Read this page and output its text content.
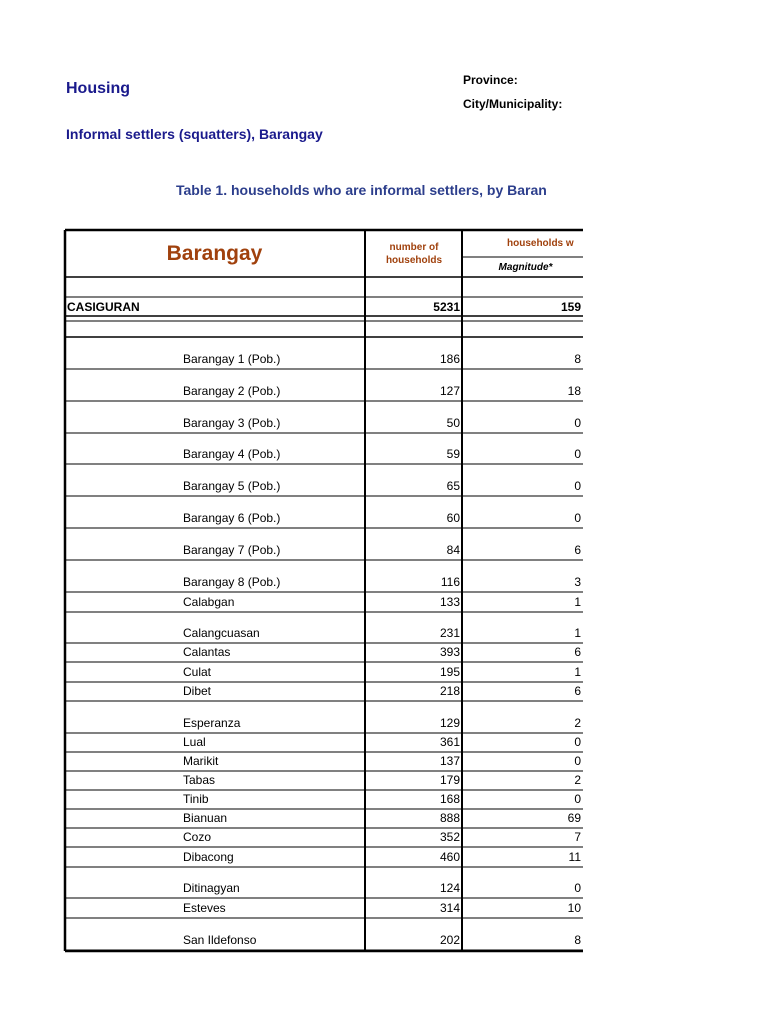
Housing
Informal settlers (squatters), Barangay
Province:
City/Municipality:
Table 1. households who are informal settlers, by Baran
Barangay	number of
households
households w
Magnitude*
CASIGURAN	5231	159
Barangay 1 (Pob.)	186	8
Barangay 2 (Pob.)	127	18
Barangay 3 (Pob.)	50	0
Barangay 4 (Pob.)	59	0
Barangay 5 (Pob.)	65	0
Barangay 6 (Pob.)	60	0
Barangay 7 (Pob.)	84	6
Barangay 8 (Pob.)	116	3
Calabgan	133	1
Calangcuasan	231	1
Calantas	393	6
Culat	195	1
Dibet	218	6
Esperanza	129	2
Lual	361	0
Marikit	137	0
Tabas	179	2
Tinib	168	0
Bianuan	888	69
Cozo	352	7
Dibacong	460	11
Ditinagyan	124	0
Esteves	314	10
San Ildefonso	202	8
